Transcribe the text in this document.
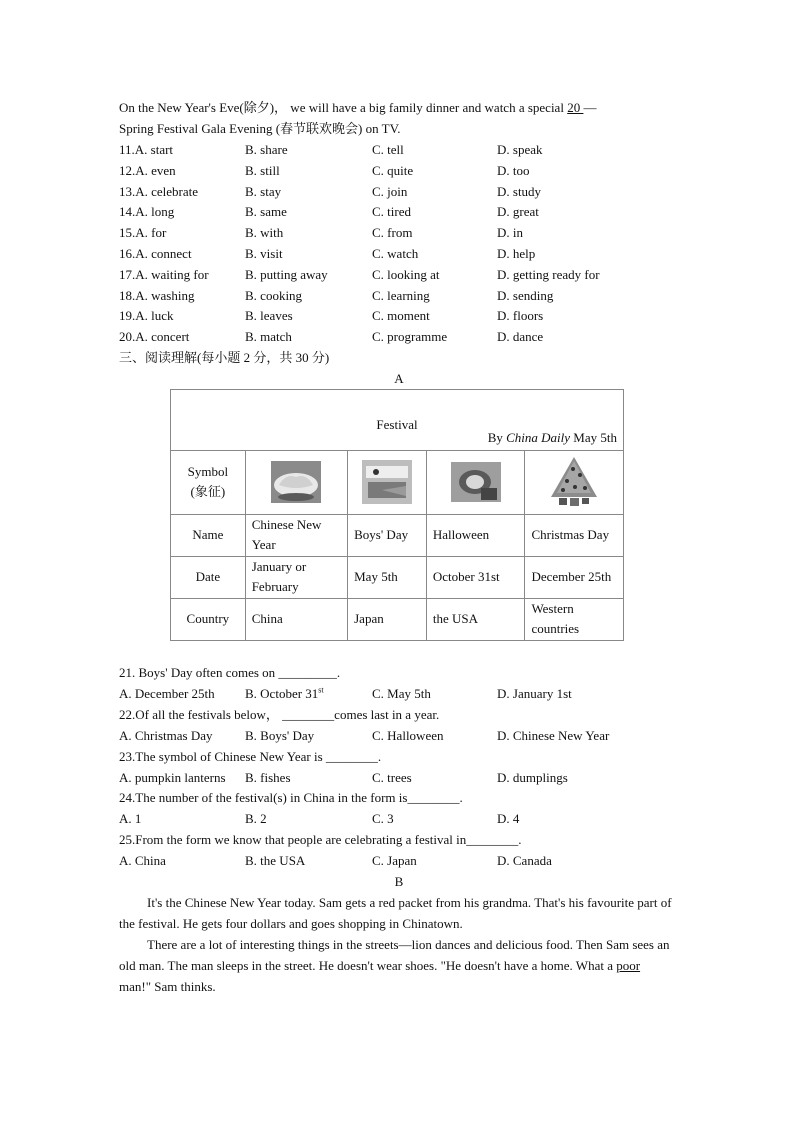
On the New Year's Eve(除夕)， we will have a big family dinner and watch a special 20 —
Spring Festival Gala Evening (春节联欢晚会) on TV.
11.A. start	B. share	C. tell	D. speak
12.A. even	B. still	C. quite	D. too
13.A. celebrate	B. stay	C. join	D. study
14.A. long	B. same	C. tired	D. great
15.A. for	B. with	C. from	D. in
16.A. connect	B. visit	C. watch	D. help
17.A. waiting for	B. putting away	C. looking at	D. getting ready for
18.A. washing	B. cooking	C. learning	D. sending
19.A. luck	B. leaves	C. moment	D. floors
20.A. concert	B. match	C. programme	D. dance
三、阅读理解(每小题 2 分，共 30 分)
A
Festival
By China Daily May 5th				

Symbol
(象征)

Name	Chinese New Year	Boys' Day	Halloween	Christmas Day
Date	January or February	May 5th	October 31st	December 25th
Country	China	Japan	the USA	Western countries
21. Boys' Day often comes on _________.
A. December 25th	B. October 31st	C. May 5th	D. January 1st
22.Of all the festivals below， ________comes last in a year.
A. Christmas Day	B. Boys' Day	C. Halloween	D. Chinese New Year
23.The symbol of Chinese New Year is ________.
A. pumpkin lanterns	B. fishes	C. trees	D. dumplings
24.The number of the festival(s) in China in the form is________.
A. 1	B. 2	C. 3	D. 4
25.From the form we know that people are celebrating a festival in________.
A. China	B. the USA	C. Japan	D. Canada
B
It's the Chinese New Year today. Sam gets a red packet from his grandma. That's his favourite part of the festival. He gets four dollars and goes shopping in Chinatown.
There are a lot of interesting things in the streets—lion dances and delicious food. Then Sam sees an old man. The man sleeps in the street. He doesn't wear shoes. "He doesn't have a home. What a poor man!" Sam thinks.
